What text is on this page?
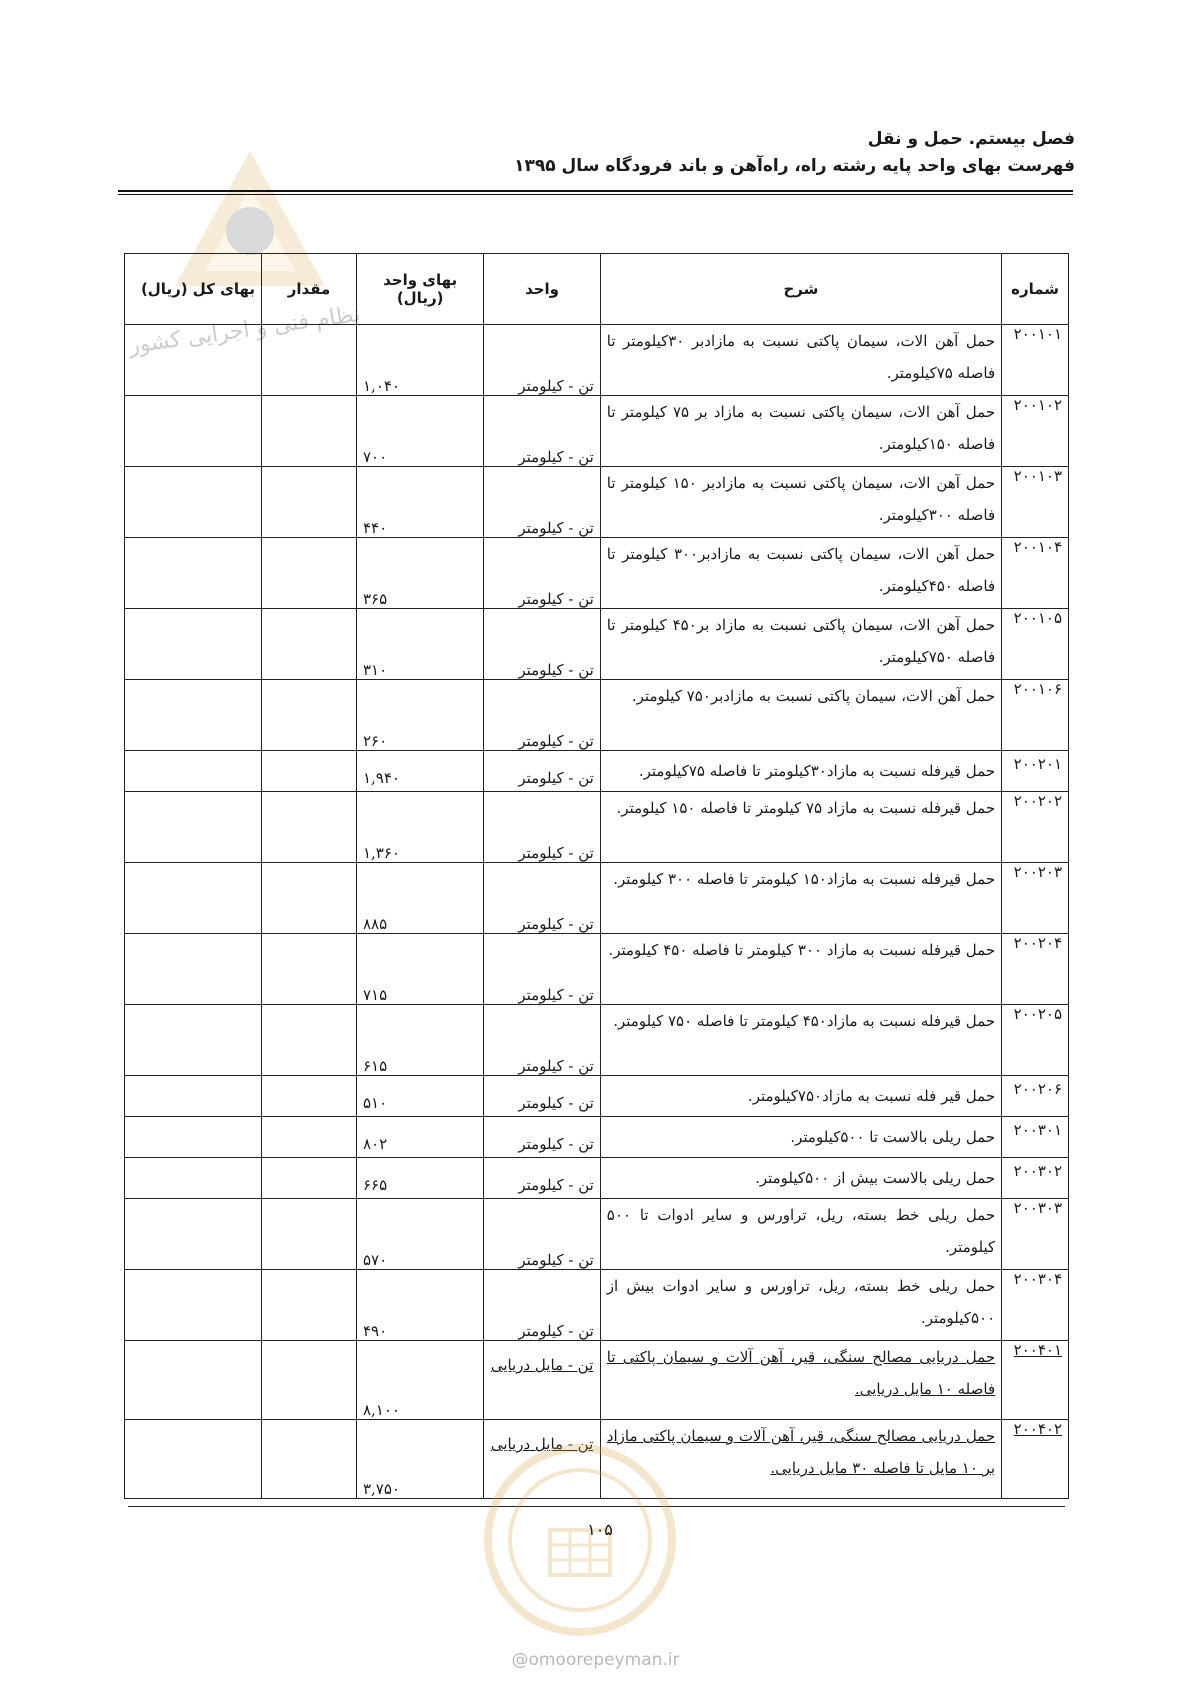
نظام فنی و اجرایی کشور
فصل بیستم. حمل و نقل
فهرست بهای واحد پایه رشته راه، راه‌آهن و باند فرودگاه سال ۱۳۹۵
شماره	شرح	واحد	بهای واحد (ریال)	مقدار	بهای کل (ریال)
۲۰۰۱۰۱	حمل آهن الات، سیمان پاکتی نسبت به مازادبر ۳۰کیلومتر تا فاصله ۷۵کیلومتر.	تن - کیلومتر	۱,۰۴۰		
۲۰۰۱۰۲	حمل آهن الات، سیمان پاکتی نسبت به مازاد بر ۷۵ کیلومتر تا فاصله ۱۵۰کیلومتر.	تن - کیلومتر	۷۰۰		
۲۰۰۱۰۳	حمل آهن الات، سیمان پاکتی نسبت به مازادبر ۱۵۰ کیلومتر تا فاصله ۳۰۰کیلومتر.	تن - کیلومتر	۴۴۰		
۲۰۰۱۰۴	حمل آهن الات، سیمان پاکتی نسبت به مازادبر۳۰۰ کیلومتر تا فاصله ۴۵۰کیلومتر.	تن - کیلومتر	۳۶۵		
۲۰۰۱۰۵	حمل آهن الات، سیمان پاکتی نسبت به مازاد بر۴۵۰ کیلومتر تا فاصله ۷۵۰کیلومتر.	تن - کیلومتر	۳۱۰		
۲۰۰۱۰۶	حمل آهن الات، سیمان پاکتی نسبت به مازادبر۷۵۰ کیلومتر.	تن - کیلومتر	۲۶۰		
۲۰۰۲۰۱	حمل قیرفله نسبت به مازاد۳۰کیلومتر تا فاصله ۷۵کیلومتر.	تن - کیلومتر	۱,۹۴۰		
۲۰۰۲۰۲	حمل قیرفله نسبت به مازاد ۷۵ کیلومتر تا فاصله ۱۵۰ کیلومتر.	تن - کیلومتر	۱,۳۶۰		
۲۰۰۲۰۳	حمل قیرفله نسبت به مازاد۱۵۰ کیلومتر تا فاصله ۳۰۰ کیلومتر.	تن - کیلومتر	۸۸۵		
۲۰۰۲۰۴	حمل قیرفله نسبت به مازاد ۳۰۰ کیلومتر تا فاصله ۴۵۰ کیلومتر.	تن - کیلومتر	۷۱۵		
۲۰۰۲۰۵	حمل قیرفله نسبت به مازاد۴۵۰ کیلومتر تا فاصله ۷۵۰ کیلومتر.	تن - کیلومتر	۶۱۵		
۲۰۰۲۰۶	حمل قیر فله نسبت به مازاد۷۵۰کیلومتر.	تن - کیلومتر	۵۱۰		
۲۰۰۳۰۱	حمل ریلی بالاست تا ۵۰۰کیلومتر.	تن - کیلومتر	۸۰۲		
۲۰۰۳۰۲	حمل ریلی بالاست بیش از ۵۰۰کیلومتر.	تن - کیلومتر	۶۶۵		
۲۰۰۳۰۳	حمل ریلی خط بسته، ریل، تراورس و سایر ادوات تا ۵۰۰ کیلومتر.	تن - کیلومتر	۵۷۰		
۲۰۰۳۰۴	حمل ریلی خط بسته، ریل، تراورس و سایر ادوات بیش از ۵۰۰کیلومتر.	تن - کیلومتر	۴۹۰		
۲۰۰۴۰۱	حمل دریایی مصالح سنگی، قیر، آهن آلات و سیمان پاکتی تا فاصله ۱۰ مایل دریایی.	تن - مایل دریایی	۸,۱۰۰		
۲۰۰۴۰۲	حمل دریایی مصالح سنگی، قیر، آهن آلات و سیمان پاکتی مازاد بر ۱۰ مایل تا فاصله ۳۰ مایل دریایی.	تن - مایل دریایی	۳,۷۵۰		
۱۰۵
@omoorepeyman.ir
